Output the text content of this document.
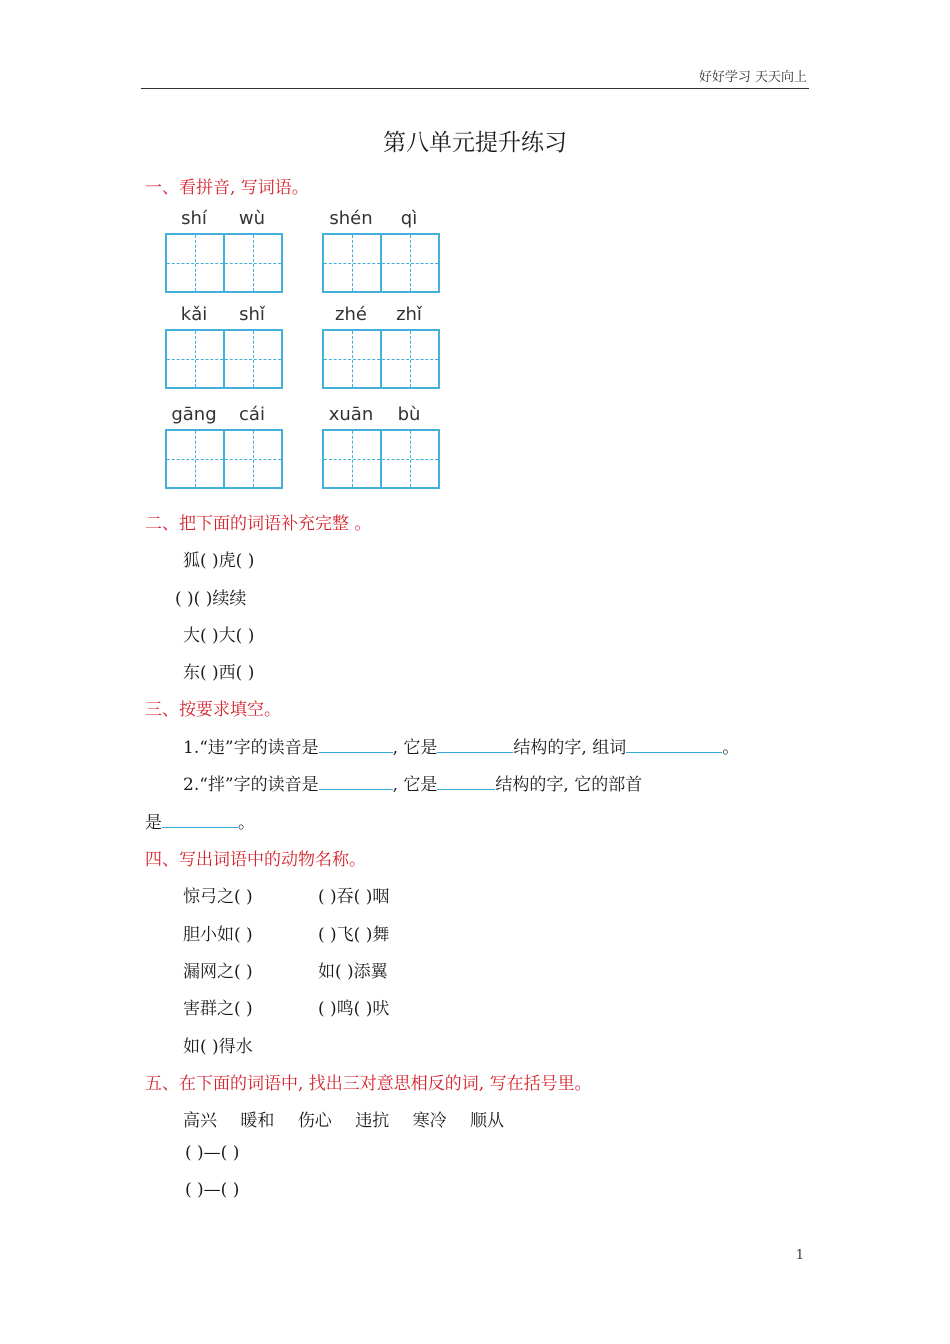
好好学习 天天向上
第八单元提升练习
一、看拼音, 写词语。
shí	wù	shén	qì
kǎi	shǐ	zhé	zhǐ
gāng	cái	xuān	bù
二、把下面的词语补充完整 。
狐( )虎( )
( )( )续续
大( )大( )
东( )西( )
三、按要求填空。
1.“违”字的读音是	, 它是	结构的字, 组词	。
2.“拌”字的读音是	, 它是	结构的字, 它的部首
是	。
四、写出词语中的动物名称。
惊弓之( )	( )吞( )咽
胆小如( )	( )飞( )舞
漏网之( )	如( )添翼
害群之( )	( )鸣( )吠
如( )得水
五、在下面的词语中, 找出三对意思相反的词, 写在括号里。
高兴 暖和 伤心 违抗 寒冷 顺从
( )—( )
( )—( )
1
